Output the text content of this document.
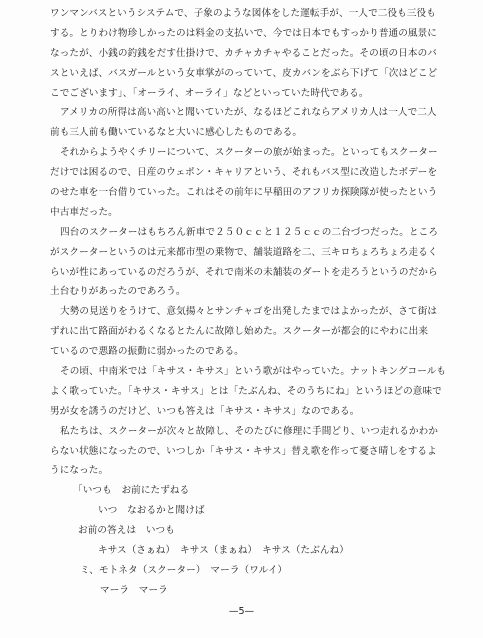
ワンマンバスというシステムで、子象のような図体をした運転手が、一人で二役も三役も
する。とりわけ物珍しかったのは料金の支払いで、今では日本でもすっかり普通の風景に
なったが、小銭の釣銭をだす仕掛けで、カチャカチャやることだった。その頃の日本のバ
スといえば、バスガールという女車掌がのっていて、皮カバンをぶら下げて「次はどこど
こでございます」、「オーライ、オーライ」などといっていた時代である。
アメリカの所得は高い高いと聞いていたが、なるほどこれならアメリカ人は一人で二人
前も三人前も働いているなと大いに感心したものである。
それからようやくチリーについて、スクーターの旅が始まった。といってもスクーター
だけでは困るので、日産のウェポン・キャリアという、それもバス型に改造したボデーを
のせた車を一台借りていった。これはその前年に早稲田のアフリカ探険隊が使ったという
中古車だった。
四台のスクーターはもちろん新車で２５０ｃｃと１２５ｃｃの二台づつだった。ところ
がスクーターというのは元来都市型の乗物で、舗装道路を二、三キロちょろちょろ走るく
らいが性にあっているのだろうが、それで南米の未舗装のダートを走ろうというのだから
土台むりがあったのであろう。
大勢の見送りをうけて、意気揚々とサンチャゴを出発したまではよかったが、さて街は
ずれに出て路面がわるくなるとたんに故障し始めた。スクーターが都会的にやわに出来
ているので悪路の振動に弱かったのである。
その頃、中南米では「キサス・キサス」という歌がはやっていた。ナットキングコールも
よく歌っていた。「キサス・キサス」とは「たぶんね、そのうちにね」というほどの意味で
男が女を誘うのだけど、いつも答えは「キサス・キサス」なのである。
私たちは、スクーターが次々と故障し、そのたびに修理に手間どり、いつ走れるかわか
らない状態になったので、いつしか「キサス・キサス」替え歌を作って憂さ晴しをするよ
うになった。
「いつも　お前にたずねる
いつ　なおるかと聞けば
お前の答えは　いつも
キサス（さぁね）　キサス（まぁね）　キサス（たぶんね）
ミ、モトネタ（スクーター）　マーラ（ワルイ）
マーラ　マーラ
—5—
